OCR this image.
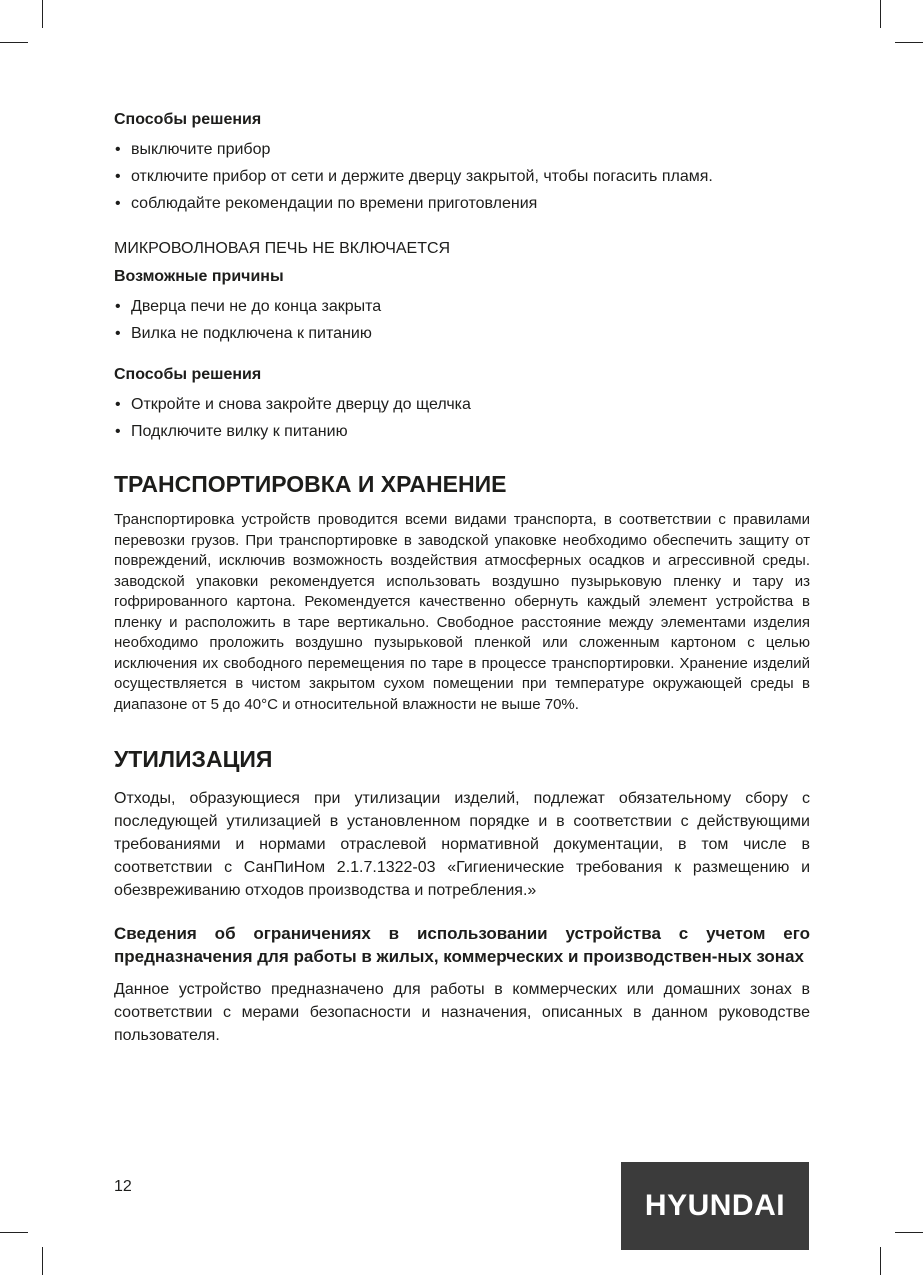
Способы решения

• выключите прибор
• отключите прибор от сети и держите дверцу закрытой, чтобы погасить пламя.
• соблюдайте рекомендации по времени приготовления

МИКРОВОЛНОВАЯ ПЕЧЬ НЕ ВКЛЮЧАЕТСЯ

Возможные причины

• Дверца печи не до конца закрыта
• Вилка не подключена к питанию

Способы решения

• Откройте и снова закройте дверцу до щелчка
• Подключите вилку к питанию
ТРАНСПОРТИРОВКА И ХРАНЕНИЕ

Транспортировка устройств проводится всеми видами транспорта, в соответствии с правилами перевозки грузов. При транспортировке в заводской упаковке необходимо обеспечить защиту от повреждений, исключив возможность воздействия атмосферных осадков и агрессивной среды. заводской упаковки рекомендуется использовать воздушно пузырьковую пленку и тару из гофрированного картона. Рекомендуется качественно обернуть каждый элемент устройства в пленку и расположить в таре вертикально. Свободное расстояние между элементами изделия необходимо проложить воздушно пузырьковой пленкой или сложенным картоном с целью исключения их свободного перемещения по таре в процессе транспортировки. Хранение изделий осуществляется в чистом закрытом сухом помещении при температуре окружающей среды в диапазоне от 5 до 40°C и относительной влажности не выше 70%.

УТИЛИЗАЦИЯ

Отходы, образующиеся при утилизации изделий, подлежат обязательному сбору с последующей утилизацией в установленном порядке и в соответствии с действующими требованиями и нормами отраслевой нормативной документации, в том числе в соответствии с СанПиНом 2.1.7.1322-03 «Гигиенические требования к размещению и обезвреживанию отходов производства и потребления.»

Сведения об ограничениях в использовании устройства с учетом его предназначения для работы в жилых, коммерческих и производствен-ных зонах

Данное устройство предназначено для работы в коммерческих или домашних зонах в соответствии с мерами безопасности и назначения, описанных в данном руководстве пользователя.

12
HYUNDAI
